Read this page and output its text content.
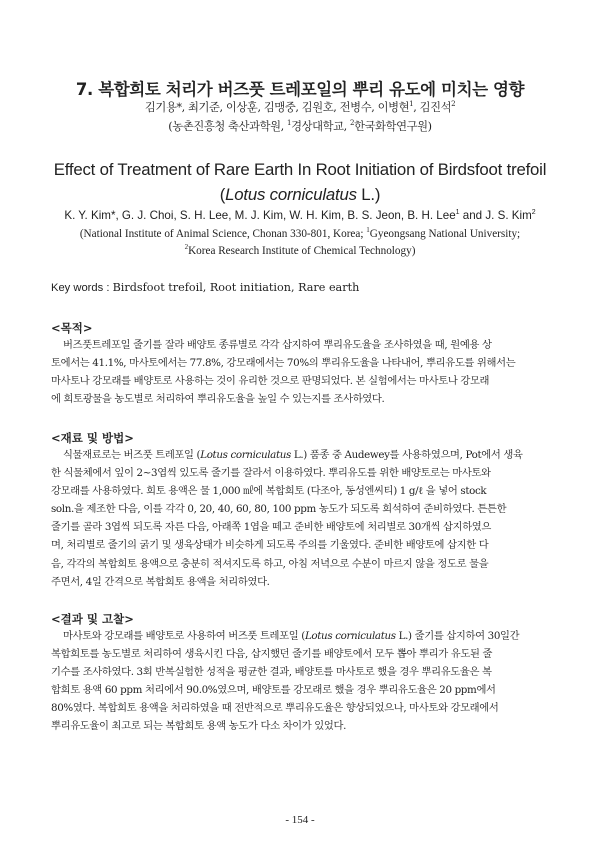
7. 복합희토 처리가 버즈풋 트레포일의 뿌리 유도에 미치는 영향
김기용*, 최기준, 이상훈, 김맹중, 김원호, 전병수, 이병현$^1$, 김진석$^2$
(농촌진흥청 축산과학원, $^1$경상대학교, $^2$한국화학연구원)
Effect of Treatment of Rare Earth In Root Initiation of Birdsfoot trefoil
(Lotus corniculatus L.)
K. Y. Kim*, G. J. Choi, S. H. Lee, M. J. Kim, W. H. Kim, B. S. Jeon, B. H. Lee$^1$ and J. S. Kim$^2$
(National Institute of Animal Science, Chonan 330-801, Korea; $^1$Gyeongsang National University;
$^2$Korea Research Institute of Chemical Technology)
Key words : Birdsfoot trefoil, Root initiation, Rare earth
<목적>

버즈풋트레포일 줄기를 잘라 배양토 종류별로 각각 삽지하여 뿌리유도율을 조사하였을 때, 원예용 상

토에서는 41.1%, 마사토에서는 77.8%, 강모래에서는 70%의 뿌리유도율을 나타내어, 뿌리유도를 위해서는

마사토나 강모래를 배양토로 사용하는 것이 유리한 것으로 판명되었다. 본 실험에서는 마사토나 강모래

에 희토광물을 농도별로 처리하여 뿌리유도율을 높일 수 있는지를 조사하였다.

<재료 및 방법>

식물재료로는 버즈풋 트레포일 (Lotus corniculatus L.) 품종 중 Audewey를 사용하였으며, Pot에서 생육

한 식물체에서 잎이 2~3엽씩 있도록 줄기를 잘라서 이용하였다. 뿌리유도를 위한 배양토로는 마사토와

강모래를 사용하였다. 희토 용액은 물 1,000 ㎖에 복합희토 (다조아, 동성엔씨티) 1 g/ℓ 을 넣어 stock

soln.을 제조한 다음, 이를 각각 0, 20, 40, 60, 80, 100 ppm 농도가 되도록 희석하여 준비하였다. 튼튼한

줄기를 골라 3엽씩 되도록 자른 다음, 아래쪽 1엽을 떼고 준비한 배양토에 처리별로 30개씩 삽지하였으

며, 처리별로 줄기의 굵기 및 생육상태가 비슷하게 되도록 주의를 기울였다. 준비한 배양토에 삽지한 다

음, 각각의 복합희토 용액으로 충분히 적셔지도록 하고, 아침 저녁으로 수분이 마르지 않을 정도로 물을

주면서, 4일 간격으로 복합희토 용액을 처리하였다.

<결과 및 고찰>

마사토와 강모래를 배양토로 사용하여 버즈풋 트레포일 (Lotus corniculatus L.) 줄기를 삽지하여 30일간

복합희토를 농도별로 처리하여 생육시킨 다음, 삽지했던 줄기를 배양토에서 모두 뽑아 뿌리가 유도된 줄

기수를 조사하였다. 3회 반복실험한 성적을 평균한 결과, 배양토를 마사토로 했을 경우 뿌리유도율은 복

합희토 용액 60 ppm 처리에서 90.0%였으며, 배양토를 강모래로 했을 경우 뿌리유도율은 20 ppm에서

80%였다. 복합희토 용액을 처리하였을 때 전반적으로 뿌리유도율은 향상되었으나, 마사토와 강모래에서

뿌리유도율이 최고로 되는 복합희토 용액 농도가 다소 차이가 있었다.

- 154 -
